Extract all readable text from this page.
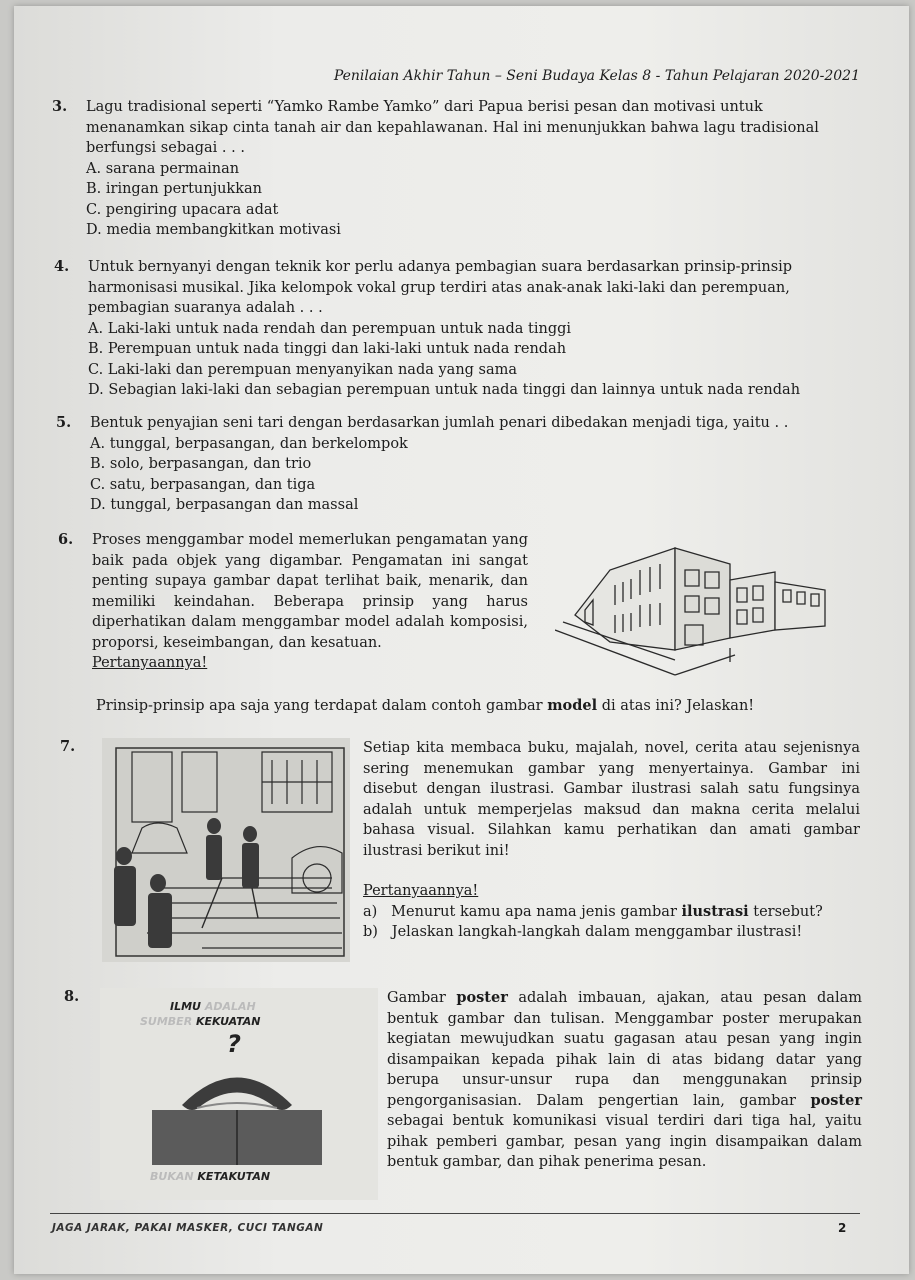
Penilaian Akhir Tahun – Seni Budaya Kelas 8 - Tahun Pelajaran 2020-2021
3. Lagu tradisional seperti “Yamko Rambe Yamko” dari Papua berisi pesan dan motivasi untuk menanamkan sikap cinta tanah air dan kepahlawanan. Hal ini menunjukkan bahwa lagu tradisional berfungsi sebagai . . .
A. sarana permainan
B. iringan pertunjukkan
C. pengiring upacara adat
D. media membangkitkan motivasi
4. Untuk bernyanyi dengan teknik kor perlu adanya pembagian suara berdasarkan prinsip-prinsip harmonisasi musikal. Jika kelompok vokal grup terdiri atas anak-anak laki-laki dan perempuan, pembagian suaranya adalah . . .
A. Laki-laki untuk nada rendah dan perempuan untuk nada tinggi
B. Perempuan untuk nada tinggi dan laki-laki untuk nada rendah
C. Laki-laki dan perempuan menyanyikan nada yang sama
D. Sebagian laki-laki dan sebagian perempuan untuk nada tinggi dan lainnya untuk nada rendah
5. Bentuk penyajian seni tari dengan berdasarkan jumlah penari dibedakan menjadi tiga, yaitu . .
A. tunggal, berpasangan, dan berkelompok
B. solo, berpasangan, dan trio
C. satu, berpasangan, dan tiga
D. tunggal, berpasangan dan massal
6. Proses menggambar model memerlukan pengamatan yang baik pada objek yang digambar. Pengamatan ini sangat penting supaya gambar dapat terlihat baik, menarik, dan memiliki keindahan. Beberapa prinsip yang harus diperhatikan dalam menggambar model adalah komposisi, proporsi, keseimbangan, dan kesatuan.
Pertanyaannya!
Prinsip-prinsip apa saja yang terdapat dalam contoh gambar model di atas ini? Jelaskan!
7.	Setiap kita membaca buku, majalah, novel, cerita atau sejenisnya sering menemukan gambar yang menyertainya. Gambar ini disebut dengan ilustrasi. Gambar ilustrasi salah satu fungsinya adalah untuk memperjelas maksud dan makna cerita melalui bahasa visual. Silahkan kamu perhatikan dan amati gambar ilustrasi berikut ini!
Pertanyaannya!
a) Menurut kamu apa nama jenis gambar ilustrasi tersebut?
b) Jelaskan langkah-langkah dalam menggambar ilustrasi!
8.
ILMU ADALAH
SUMBER KEKUATAN
?
BUKAN KETAKUTAN
Gambar poster adalah imbauan, ajakan, atau pesan dalam bentuk gambar dan tulisan. Menggambar poster merupakan kegiatan mewujudkan suatu gagasan atau pesan yang ingin disampaikan kepada pihak lain di atas bidang datar yang berupa unsur-unsur rupa dan menggunakan prinsip pengorganisasian. Dalam pengertian lain, gambar poster sebagai bentuk komunikasi visual terdiri dari tiga hal, yaitu pihak pemberi gambar, pesan yang ingin disampaikan dalam bentuk gambar, dan pihak penerima pesan.
JAGA JARAK, PAKAI MASKER, CUCI TANGAN	2
